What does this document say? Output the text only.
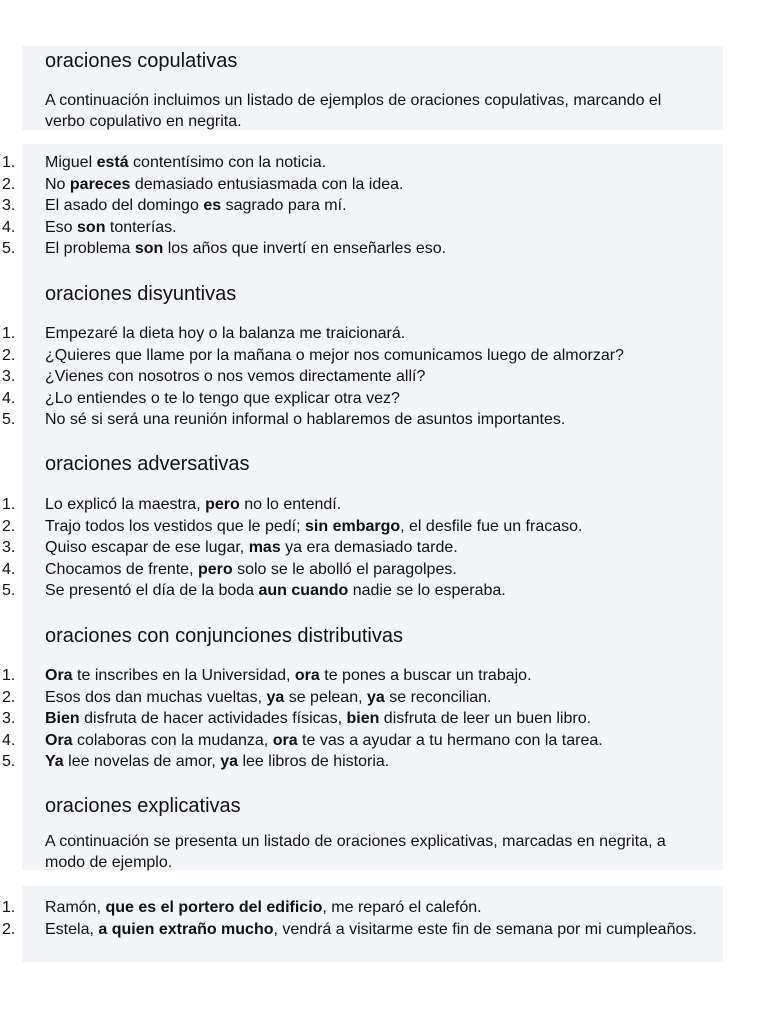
oraciones copulativas

A continuación incluimos un listado de ejemplos de oraciones copulativas, marcando el verbo copulativo en negrita.

1. Miguel está contentísimo con la noticia.
2. No pareces demasiado entusiasmada con la idea.
3. El asado del domingo es sagrado para mí.
4. Eso son tonterías.
5. El problema son los años que invertí en enseñarles eso.
oraciones disyuntivas
1. Empezaré la dieta hoy o la balanza me traicionará.
2. ¿Quieres que llame por la mañana o mejor nos comunicamos luego de almorzar?
3. ¿Vienes con nosotros o nos vemos directamente allí?
4. ¿Lo entiendes o te lo tengo que explicar otra vez?
5. No sé si será una reunión informal o hablaremos de asuntos importantes.
oraciones adversativas
1. Lo explicó la maestra, pero no lo entendí.
2. Trajo todos los vestidos que le pedí; sin embargo, el desfile fue un fracaso.
3. Quiso escapar de ese lugar, mas ya era demasiado tarde.
4. Chocamos de frente, pero solo se le abolló el paragolpes.
5. Se presentó el día de la boda aun cuando nadie se lo esperaba.
oraciones con conjunciones distributivas
1. Ora te inscribes en la Universidad, ora te pones a buscar un trabajo.
2. Esos dos dan muchas vueltas, ya se pelean, ya se reconcilian.
3. Bien disfruta de hacer actividades físicas, bien disfruta de leer un buen libro.
4. Ora colaboras con la mudanza, ora te vas a ayudar a tu hermano con la tarea.
5. Ya lee novelas de amor, ya lee libros de historia.
oraciones explicativas

A continuación se presenta un listado de oraciones explicativas, marcadas en negrita, a modo de ejemplo.

1. Ramón, que es el portero del edificio, me reparó el calefón.
2. Estela, a quien extraño mucho, vendrá a visitarme este fin de semana por mi cumpleaños.
